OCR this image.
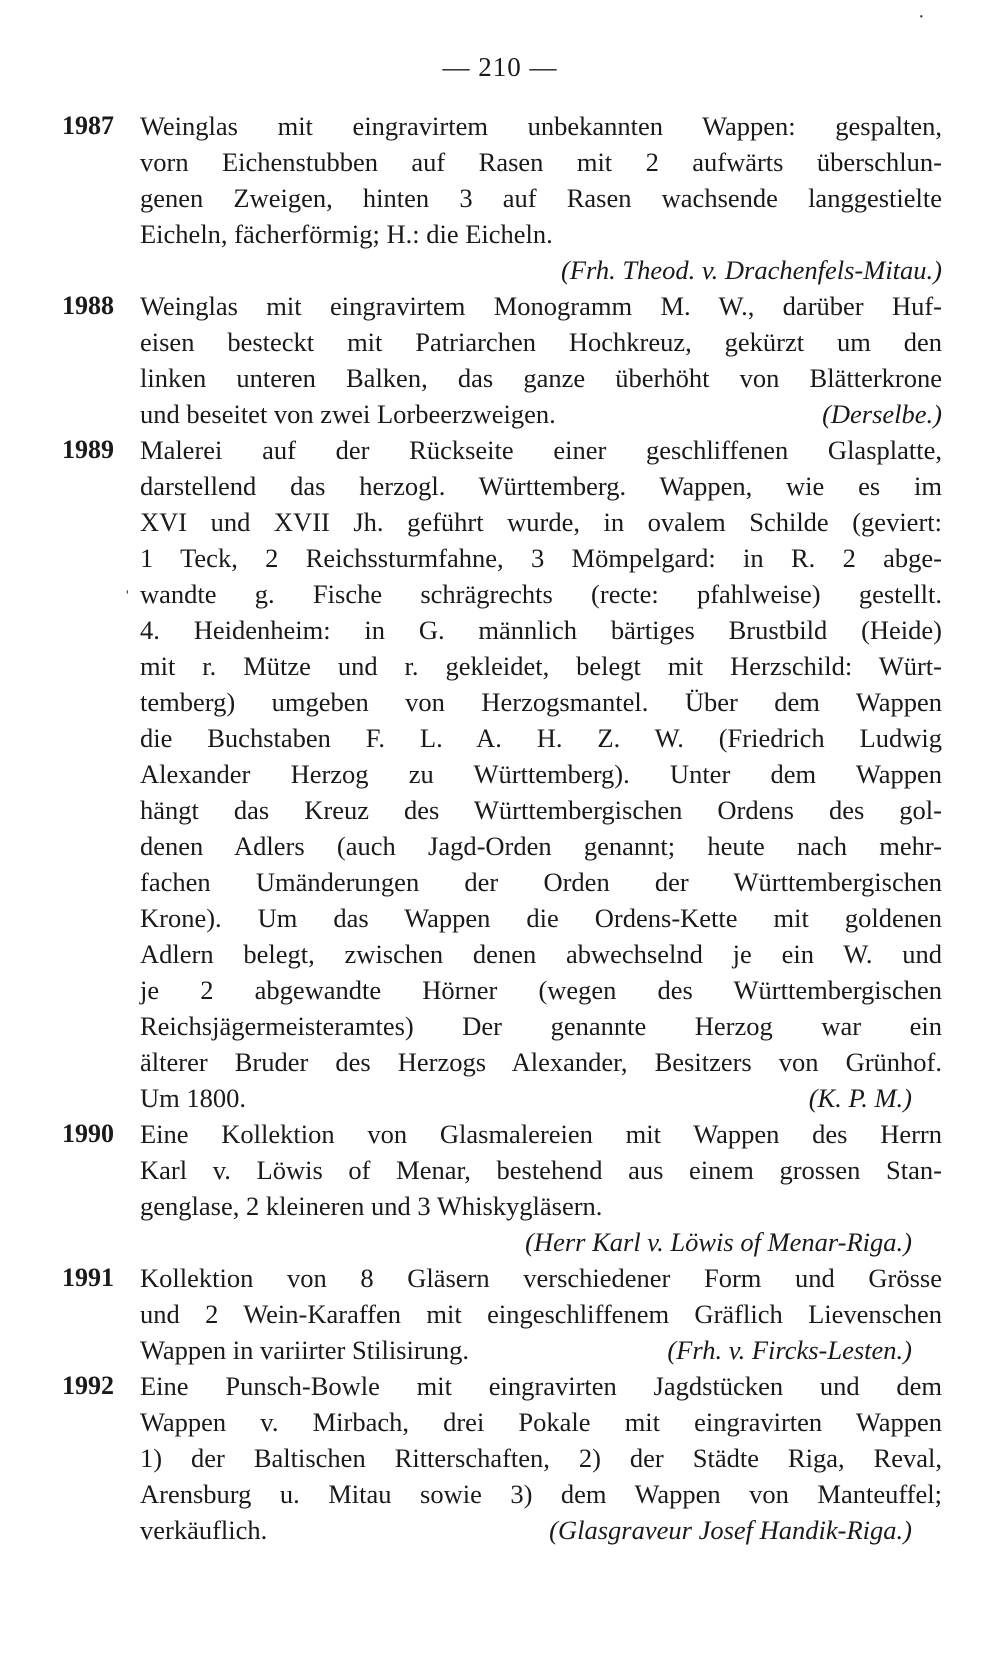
— 210 —
·
ˌ
1987 Weinglas mit eingravirtem unbekannten Wappen: gespalten,
vorn Eichenstubben auf Rasen mit 2 aufwärts überschlun-
genen Zweigen, hinten 3 auf Rasen wachsende langgestielte
Eicheln, fächerförmig; H.: die Eicheln.
(Frh. Theod. v. Drachenfels-Mitau.)
1988 Weinglas mit eingravirtem Monogramm M. W., darüber Huf-
eisen besteckt mit Patriarchen Hochkreuz, gekürzt um den
linken unteren Balken, das ganze überhöht von Blätterkrone
und beseitet von zwei Lorbeerzweigen.	(Derselbe.)
1989 Malerei auf der Rückseite einer geschliffenen Glasplatte,
darstellend das herzogl. Württemberg. Wappen, wie es im
XVI und XVII Jh. geführt wurde, in ovalem Schilde (geviert:
1 Teck, 2 Reichssturmfahne, 3 Mömpelgard: in R. 2 abge-
wandte g. Fische schrägrechts (recte: pfahlweise) gestellt.
4. Heidenheim: in G. männlich bärtiges Brustbild (Heide)
mit r. Mütze und r. gekleidet, belegt mit Herzschild: Würt-
temberg) umgeben von Herzogsmantel. Über dem Wappen
die Buchstaben F. L. A. H. Z. W. (Friedrich Ludwig
Alexander Herzog zu Württemberg). Unter dem Wappen
hängt das Kreuz des Württembergischen Ordens des gol-
denen Adlers (auch Jagd-Orden genannt; heute nach mehr-
fachen Umänderungen der Orden der Württembergischen
Krone). Um das Wappen die Ordens-Kette mit goldenen
Adlern belegt, zwischen denen abwechselnd je ein W. und
je 2 abgewandte Hörner (wegen des Württembergischen
Reichsjägermeisteramtes) Der genannte Herzog war ein
älterer Bruder des Herzogs Alexander, Besitzers von Grünhof.
Um 1800.	(K. P. M.)
1990 Eine Kollektion von Glasmalereien mit Wappen des Herrn
Karl v. Löwis of Menar, bestehend aus einem grossen Stan-
genglase, 2 kleineren und 3 Whiskygläsern.
(Herr Karl v. Löwis of Menar-Riga.)
1991 Kollektion von 8 Gläsern verschiedener Form und Grösse
und 2 Wein-Karaffen mit eingeschliffenem Gräflich Lievenschen
Wappen in variirter Stilisirung.	(Frh. v. Fircks-Lesten.)
1992 Eine Punsch-Bowle mit eingravirten Jagdstücken und dem
Wappen v. Mirbach, drei Pokale mit eingravirten Wappen
1) der Baltischen Ritterschaften, 2) der Städte Riga, Reval,
Arensburg u. Mitau sowie 3) dem Wappen von Manteuffel;
verkäuflich.	(Glasgraveur Josef Handik-Riga.)
